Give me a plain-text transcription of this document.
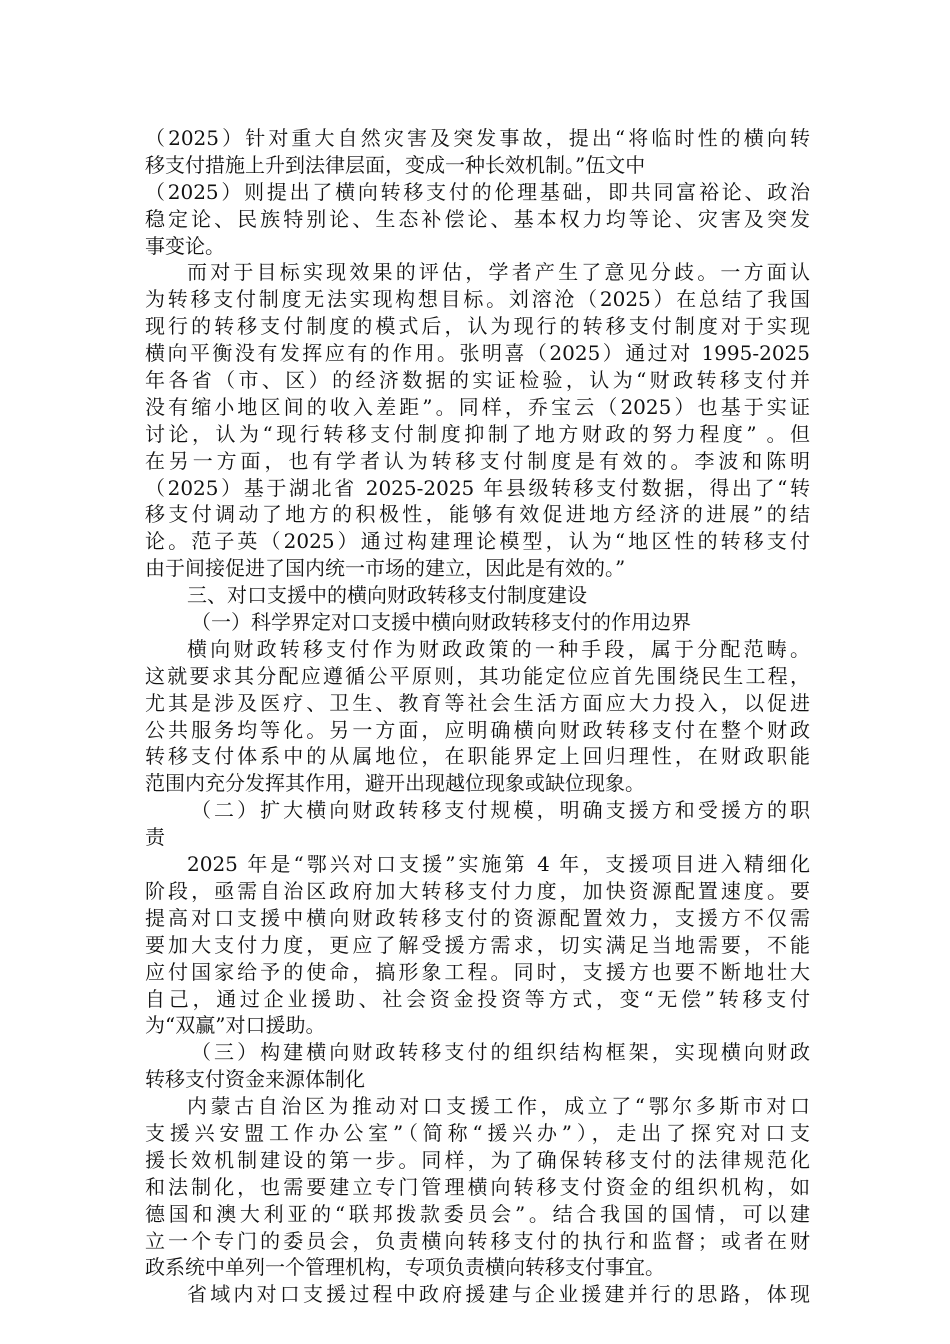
（2025）针对重大自然灾害及突发事故，提出“将临时性的横向转
移支付措施上升到法律层面，变成一种长效机制。”伍文中
（2025）则提出了横向转移支付的伦理基础，即共同富裕论、政治
稳定论、民族特别论、生态补偿论、基本权力均等论、灾害及突发
事变论。
而对于目标实现效果的评估，学者产生了意见分歧。一方面认
为转移支付制度无法实现构想目标。刘溶沧（2025）在总结了我国
现行的转移支付制度的模式后，认为现行的转移支付制度对于实现
横向平衡没有发挥应有的作用。张明喜（2025）通过对 1995-2025
年各省（市、区）的经济数据的实证检验，认为“财政转移支付并
没有缩小地区间的收入差距”。同样，乔宝云（2025）也基于实证
讨论，认为“现行转移支付制度抑制了地方财政的努力程度” 。但
在另一方面，也有学者认为转移支付制度是有效的。李波和陈明
（2025）基于湖北省 2025-2025 年县级转移支付数据，得出了“转
移支付调动了地方的积极性，能够有效促进地方经济的进展”的结
论。范子英（2025）通过构建理论模型，认为“地区性的转移支付
由于间接促进了国内统一市场的建立，因此是有效的。”
三、对口支援中的横向财政转移支付制度建设
（一）科学界定对口支援中横向财政转移支付的作用边界
横向财政转移支付作为财政政策的一种手段，属于分配范畴。
这就要求其分配应遵循公平原则，其功能定位应首先围绕民生工程，
尤其是涉及医疗、卫生、教育等社会生活方面应大力投入，以促进
公共服务均等化。另一方面，应明确横向财政转移支付在整个财政
转移支付体系中的从属地位，在职能界定上回归理性，在财政职能
范围内充分发挥其作用，避开出现越位现象或缺位现象。
（二）扩大横向财政转移支付规模，明确支援方和受援方的职
责
2025 年是“鄂兴对口支援”实施第 4 年，支援项目进入精细化
阶段，亟需自治区政府加大转移支付力度，加快资源配置速度。要
提高对口支援中横向财政转移支付的资源配置效力，支援方不仅需
要加大支付力度，更应了解受援方需求，切实满足当地需要，不能
应付国家给予的使命，搞形象工程。同时，支援方也要不断地壮大
自己，通过企业援助、社会资金投资等方式，变“无偿”转移支付
为“双赢”对口援助。
（三）构建横向财政转移支付的组织结构框架，实现横向财政
转移支付资金来源体制化
内蒙古自治区为推动对口支援工作，成立了“鄂尔多斯市对口
支援兴安盟工作办公室”（简称“援兴办”），走出了探究对口支
援长效机制建设的第一步。同样，为了确保转移支付的法律规范化
和法制化，也需要建立专门管理横向转移支付资金的组织机构，如
德国和澳大利亚的“联邦拨款委员会”。结合我国的国情，可以建
立一个专门的委员会，负责横向转移支付的执行和监督；或者在财
政系统中单列一个管理机构，专项负责横向转移支付事宜。
省域内对口支援过程中政府援建与企业援建并行的思路，体现
